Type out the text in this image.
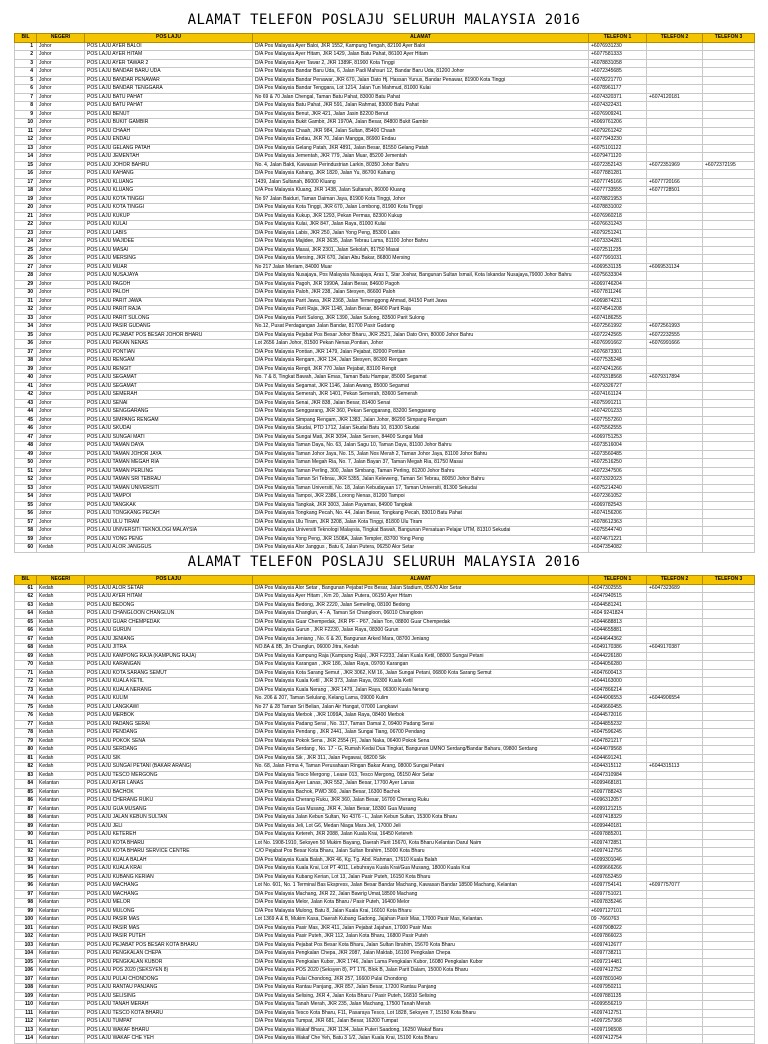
ALAMAT TELEFON POSLAJU SELURUH MALAYSIA 2016
BIL	NEGERI	POS LAJU	ALAMAT	TELEFON 1	TELEFON 2	TELEFON 3
1	Johor	POS LAJU AYER BALOI	D/A Pos Malaysia Ayer Baloi, JKR 1552, Kampung Tengah, 82100 Ayer Baloi	+6076931230		
2	Johor	POS LAJU AYER HITAM	D/A Pos Malaysia Ayer Hitam, JKR 1429, Jalan Batu Pahat, 86100 Ayer Hitam	+6077581333		
3	Johor	POS LAJU AYER TAWAR 2	D/A Pos Malaysia Ayer Tawar 2, JKR 1389F, 81900 Kota Tinggi	+6078831058		
4	Johor	POS LAJU BANDAR BARU UDA	D/A Pos Malaysia Bandar Baru Uda, 6, Jalan Padi Mahsuri 12, Bandar Baru Uda, 81200 Johor	+6072345685		
5	Johor	POS LAJU BANDAR PENAWAR	D/A Pos Malaysia Bandar Penawar, JKR 670, Jalan Dato Hj. Hassan Yunus, Bandar Penawar, 81900 Kota Tinggi	+6078221770		
6	Johor	POS LAJU BANDAR TENGGARA	D/A Pos Malaysia Bandar Tenggara, Lot 1214, Jalan Tun Mahmud, 81000 Kulai	+6078961177		
7	Johor	POS LAJU BATU PAHAT	No 69 & 70 Jalan Chengal, Taman Batu Pahat, 83000 Batu Pahat	+6074320371	+6074120181	
8	Johor	POS LAJU BATU PAHAT	D/A Pos Malaysia Batu Pahat, JKR 591, Jalan Rahmat, 83000 Batu Pahat	+6074322431		
9	Johor	POS LAJU BENUT	D/A Pos Malaysia Benut, JKR 421, Jalan Jasin 82200 Benut	+6076909241		
10	Johor	POS LAJU BUKIT GAMBIR	D/A Pos Malaysia Bukit Gambir, JKR 1970A, Jalan Besar, 84800 Bukit Gambir	+6069761206		
11	Johor	POS LAJU CHAAH	D/A Pos Malaysia Chaah, JKR 984, Jalan Sultan, 85400 Chaah	+6079261242		
12	Johor	POS LAJU ENDAU	D/A Pos Malaysia Endau, JKR 70, Jalan Mangga, 86900 Endau	+6077943230		
13	Johor	POS LAJU GELANG PATAH	D/A Pos Malaysia Gelang Patah, JKR 4891, Jalan Besar, 81550 Gelang Patah	+6075101122		
14	Johor	POS LAJU JEMENTAH	D/A Pos Malaysia Jementah, JKR 779, Jalan Muar, 85200 Jementah	+6079471120		
15	Johor	POS LAJU JOHOR BAHRU	No. 4, Jalan Bakti, Kawasan Perindustrian Larkin, 80350 Johor Bahru	+6072352143	+6072351969	+6072372195
16	Johor	POS LAJU KAHANG	D/A Pos Malaysia Kahang, JKR 1820, Jalan Yu, 86700 Kahang	+6077881281		
17	Johor	POS LAJU KLUANG	1439, Jalan Sultanah, 86000 Kluang	+6077745166	+6077720166	
18	Johor	POS LAJU KLUANG	D/A Pos Malaysia Kluang, JKR 1438, Jalan Sultanah, 86000 Kluang	+6077733555	+6077728501	
19	Johor	POS LAJU KOTA TINGGI	No 97 Jalan Baiduri, Taman Daiman Jaya, 81900 Kota Tinggi, Johor	+6078821953		
20	Johor	POS LAJU KOTA TINGGI	D/A Pos Malaysia Kota Tinggi, JKR 670, Jalan Lombong, 81900 Kota Tinggi	+6078831002		
21	Johor	POS LAJU KUKUP	D/A Pos Malaysia Kukup, JKR 1293, Pekan Permas, 82300 Kukup	+6076960218		
22	Johor	POS LAJU KULAI	D/A Pos Malaysia Kulai, JKR 847, Jalan Raya, 81000 Kulai	+6076631243		
23	Johor	POS LAJU LABIS	D/A Pos Malaysia Labis, JKR 250, Jalan Yong Peng, 85300 Labis	+6079251241		
24	Johor	POS LAJU MAJIDEE	D/A Pos Malaysia Majidee, JKR 3635, Jalan Tebrau Lama, 81100 Johor Bahru	+6073334281		
25	Johor	POS LAJU MASAI	D/A Pos Malaysia Masai, JKR 2301, Jalan Sekolah, 81750 Masai	+6072511235		
26	Johor	POS LAJU MERSING	D/A Pos Malaysia Mersing, JKR 670, Jalan Abu Bakar, 86800 Mersing	+6077991031		
27	Johor	POS LAJU MUAR	No 217 Jalan Meriam, 84000 Muar	+6069531135	+6069531134	
28	Johor	POS LAJU NUSAJAYA	D/A Pos Malaysia Nusajaya, Pos Malaysia Nusajaya, Aras 1, Star Joshar, Bangunan Sultan Ismail, Kota Iskandar Nusajaya,79000 Johor Bahru	+6075633304		
29	Johor	POS LAJU PAGOH	D/A Pos Malaysia Pagoh, JKR 1990A, Jalan Besar, 84600 Pagoh	+6069746204		
30	Johor	POS LAJU PALOH	D/A Pos Malaysia Paloh, JKR 238, Jalan Stesyen, 86600 Paloh	+6077811246		
31	Johor	POS LAJU PARIT JAWA	D/A Pos Malaysia Parit Jawa, JKR 2368, Jalan Temenggong Ahmad, 84150 Parit Jawa	+6069874231		
32	Johor	POS LAJU PARIT RAJA	D/A Pos Malaysia Parit Raja, JKR 1148, Jalan Besar, 86400 Parit Raja	+6074541208		
33	Johor	POS LAJU PARIT SULONG	D/A Pos Malaysia Parit Sulong, JKR 1390, Jalan Sulong, 83500 Parit Sulong	+6074186255		
34	Johor	POS LAJU PASIR GUDANG	No.12, Pusat Perdagangan Jalan Bandar, 81700 Pasir Gudang	+6072561992	+6072561993	
35	Johor	POS LAJU PEJABAT POS BESAR JOHOR BHARU	D/A Pos Malaysia Pejabat Pos Besar Johor Bharu, JKR 2521, Jalan Dato Onn, 80000 Johor Bahru	+6072242565	+6072232555	
36	Johor	POS LAJU PEKAN NENAS	Lot 2656 Jalan Johor, 81500 Pekan Nenas,Pontian, Johor	+6076991662	+6076991666	
37	Johor	POS LAJU PONTIAN	D/A Pos Malaysia Pontian, JKR 1479, Jalan Pejabat, 82000 Pontian	+6076873301		
38	Johor	POS LAJU RENGAM	D/A Pos Malaysia Rengam, JKR 134, Jalan Stesyen, 86300 Rengam	+6077535248		
39	Johor	POS LAJU RENGIT	D/A Pos Malaysia Rengit, JKR 770 Jalan Pejabat, 83100 Rengit	+6074241266		
40	Johor	POS LAJU SEGAMAT	No. 7 & 8, Tingkat Bawah, Jalan Emas, Taman Batu Hampar, 85000 Segamat	+6079318568	+6079317894	
41	Johor	POS LAJU SEGAMAT	D/A Pos Malaysia Segamat, JKR 1146, Jalan Awang, 85000 Segamat	+6079326727		
42	Johor	POS LAJU SEMERAH	D/A Pos Malaysia Semerah, JKR 1401, Pekan Semerah, 83600 Semerah	+6074161124		
43	Johor	POS LAJU SENAI	D/A Pos Malaysia Senai, JKR 838, Jalan Besar, 81400 Senai	+6075991211		
44	Johor	POS LAJU SENGGARANG	D/A Pos Malaysia Senggarang, JKR 360, Pekan Senggarang, 83200 Senggarang	+6074201233		
45	Johor	POS LAJU SIMPANG RENGAM	D/A Pos Malaysia Simpang Rengam, JKR 1383, Jalan Johor, 86200 Simpang Rengam	+6077557260		
46	Johor	POS LAJU SKUDAI	D/A Pos Malaysia Skudai, PTD 1712, Jalan Skudai Batu 10, 81300 Skudai	+6075562555		
47	Johor	POS LAJU SUNGAI MATI	D/A Pos Malaysia Sungai Mati, JKR 3094, Jalan Sersen, 84400 Sungai Mati	+6069751253		
48	Johor	POS LAJU TAMAN DAYA	D/A Pos Malaysia Taman Daya, No. 63, Jalan Sagu 10, Taman Daya, 81100 Johor Bahru	+6073516004		
49	Johor	POS LAJU TAMAN JOHOR JAYA	D/A Pos Malaysia Taman Johor Jaya, No. 15, Jalan Nos Merah 2, Taman Johor Jaya, 81100 Johor Bahru	+6073560485		
50	Johor	POS LAJU TAMAN MEGAH RIA	D/A Pos Malaysia Taman Megah Ria, No. 7, Jalan Bayan 37, Taman Megah Ria, 81750 Masai	+6072516250		
51	Johor	POS LAJU TAMAN PERLING	D/A Pos Malaysia Taman Perling, 300, Jalan Simbang, Taman Perling, 81200 Johor Bahru	+6072347506		
52	Johor	POS LAJU TAMAN SRI TEBRAU	D/A Pos Malaysia Taman Sri Tebrau, JKR 5355, Jalan Keleweng, Taman Sri Tebrau, 80050 Johor Bahru	+6073322023		
53	Johor	POS LAJU TAMAN UNIVERSITI	D/A Pos Malaysia Taman Universiti, No. 18, Jalan Kebudayaan 17, Taman Universiti, 81300 Sekudai	+6075214240		
54	Johor	POS LAJU TAMPOI	D/A Pos Malaysia Tampoi, JKR 2386, Lorong Nenas, 81200 Tampoi	+6072361052		
55	Johor	POS LAJU TANGKAK	D/A Pos Malaysia Tangkak, JKR 3003, Jalan Payamas, 84900 Tangkak	+6069782543		
56	Johor	POS LAJU TONGKANG PECAH	D/A Pos Malaysia Tongkang Pecah, No. 44, Jalan Besar, Tongkang Pecah, 83010 Batu Pahat	+6074156206		
57	Johor	POS LAJU ULU TIRAM	D/A Pos Malaysia Ulu Tiram, JKR 3208, Jalan Kota Tinggi, 81800 Ulu Tiram	+6078612363		
58	Johor	POS LAJU UNIVERSITI TEKNOLOGI MALAYSIA	D/A Pos Malaysia Universiti Teknologi Malaysia, Tingkat Bawah, Bangunan Persatuan Pelajar UTM, 81310 Sekudai	+6075544740		
59	Johor	POS LAJU YONG PENG	D/A Pos Malaysia Yong Peng, JKR 1508A, Jalan Templer, 83700 Yong Peng	+6074671221		
60	Kedah	POS LAJU ALOR JANGGUS	D/A Pos Malaysia Alor Janggus , Batu 6, Jalan Putera, 06250 Alor Setar	+6047354082		
ALAMAT TELEFON POSLAJU SELURUH MALAYSIA 2016
BIL	NEGERI	POS LAJU	ALAMAT	TELEFON 1	TELEFON 2	TELEFON 3
61	Kedah	POS LAJU ALOR SETAR	D/A Pos Malaysia Alor Setar , Bangunan Pejabat Pos Besar, Jalan Stadium, 05670 Alor Setar	+6047302555	+6047323689	
62	Kedah	POS LAJU AYER HITAM	D/A Pos Malaysia Ayer Hitam , Km 20, Jalan Putera, 06150 Ayer Hitam	+6047940515		
63	Kedah	POS LAJU BEDONG	D/A Pos Malaysia Bedong, JKR 2220, Jalan Semeling, 08100 Bedong	+6044581241		
64	Kedah	POS LAJU CHANGLOON CHANGLUN	D/A Pos Malaysia Changlun, 4 - A, Taman Sri Changloon, 06010 Changloon	+604 9241824		
65	Kedah	POS LAJU GUAR CHEMPEDAK	D/A Pos Malaysia Guar Chempedak, JKR PF - P67, Jalan Ton, 08800 Guar Chempedak	+6044688813		
66	Kedah	POS LAJU GURUN	D/A Pos Malaysia Gurun , JKR F2230, Jalan Raya, 08300 Gurun	+6044655881		
67	Kedah	POS LAJU JENIANG	D/A Pos Malaysia Jeniang , No. 6 & 20, Bangunan Arked Mara, 08700 Jeniang	+6044644362		
68	Kedah	POS LAJU JITRA	NO.8A & 8B, Jln Changlun, 06000 Jitra, Kedah	+6049170386	+6049170387	
69	Kedah	POS LAJU KAMPONG RAJA (KAMPUNG RAJA)	D/A Pos Malaysia Kampung Raja (Kampung Raja), JKR F2233, Jalan Kuala Ketil, 08000 Sungai Petani	+6044226180		
70	Kedah	POS LAJU KARANGAN	D/A Pos Malaysia Karangan , JKR 186, Jalan Raya, 09700 Karangan	+6044056280		
71	Kedah	POS LAJU KOTA SARANG SEMUT	D/A Pos Malaysia Kota Sarang Semut , JKR 3062, KM 16, Jalan Sungai Petani, 06800 Kota Sarang Semut	+6047600413		
72	Kedah	POS LAJU KUALA KETIL	D/A Pos Malaysia Kuala Ketil , JKR 373, Jalan Raya, 09300 Kuala Ketil	+6044163000		
73	Kedah	POS LAJU KUALA NERANG	D/A Pos Malaysia Kuala Nerang , JKR 1479, Jalan Raya, 06300 Kuala Nerang	+6047866214		
74	Kedah	POS LAJU KULIM	No. 206 & 207, Taman Selulang, Kelang Lama, 09000 Kulim	+6044906553	+6044906554	
75	Kedah	POS LAJU LANGKAWI	No 27 & 28 Taman Sri Belian, Jalan Air Hangat, 07000 Langkawi	+6049660455		
76	Kedah	POS LAJU MERBOK	D/A Pos Malaysia Merbok , JKR 1099A, Jalan Raya, 08400 Merbok	+6044572016		
77	Kedah	POS LAJU PADANG SERAI	D/A Pos Malaysia Padang Serai , No. 317, Taman Damai 2, 09400 Padang Serai	+6044855232		
78	Kedah	POS LAJU PENDANG	D/A Pos Malaysia Pendang , JKR 2441, Jalan Sungai Tiang, 06700 Pendang	+6047596245		
79	Kedah	POS LAJU POKOK SENA	D/A Pos Malaysia Pokok Sena , JKR 2554 (F), Jalan Naka, 06400 Pokok Sena	+6047821217		
80	Kedah	POS LAJU SERDANG	D/A Pos Malaysia Serdang , No. 17 - G, Rumah Kedai Dua Tingkat, Bangunan UMNO Serdang/Bandar Baharu, 09800 Serdang	+6044079568		
81	Kedah	POS LAJU SIK	D/A Pos Malaysia Sik , JKR 311, Jalan Pegawai, 08200 Sik	+6044691241		
82	Kedah	POS LAJU SUNGAI PETANI (BAKAR ARANG)	No. 68, Jalan Firma 4, Taman Perusahaan Ringan Bakar Arang, 08000 Sungai Petani	+6044315112	+6044315113	
83	Kedah	POS LAJU TESCO MERGONG	D/A Pos Malaysia Tesco Mergong , Lease 013, Tesco Mergong, 05150 Alor Setar	+6047310984		
84	Kelantan	POS LAJU AYER LANAS	D/A Pos Malaysia Ayer Lanas, JKR 552, Jalan Besar, 17700 Ayer Lanas	+6099468181		
85	Kelantan	POS LAJU BACHOK	D/A Pos Malaysia Bachok, PWD 360, Jalan Besar, 16300 Bachok	+6097788243		
86	Kelantan	POS LAJU CHERANG RUKU	D/A Pos Malaysia Cherang Ruku, JKR 360, Jalan Besar, 16700 Cherang Ruku	+6096312057		
87	Kelantan	POS LAJU GUA MUSANG	D/A Pos Malaysia Gua Musang, JKR 4, Jalan Besar, 18300 Gua Musang	+6099121215		
88	Kelantan	POS LAJU JALAN KEBUN SULTAN	D/A Pos Malaysia Jalan Kebun Sultan, No 4376 - L, Jalan Kebun Sultan, 15300 Kota Bharu	+6097418329		
89	Kelantan	POS LAJU JELI	D/A Pos Malaysia Jeli, Lot G6, Medan Niaga Mara Jeli, 17000 Jeli	+6099440181		
90	Kelantan	POS LAJU KETEREH	D/A Pos Malaysia Ketereh, JKR 2088, Jalan Kuala Krai, 16450 Ketereh	+6097885201		
91	Kelantan	POS LAJU KOTA BHARU	Lot No. 1908-1910, Seksyen 50 Mukim Bayang, Daerah Parit 15670, Kota Bharu Kelantan Darul Naim	+6097472851		
92	Kelantan	POS LAJU KOTA BHARU SERVICE CENTRE	C/O Pejabat Pos Besar Kota Bharu, Jalan Sultan Ibrahim, 15000 Kota Bharu	+6097412756		
93	Kelantan	POS LAJU KUALA BALAH	D/A Pos Malaysia Kuala Balah, JKR 46, Kg. Tg. Abd. Rahman, 17610 Kuala Balah	+6099301046		
94	Kelantan	POS LAJU KUALA KRAI	D/A Pos Malaysia Kuala Krai, Lot PT 4011, Lebuhraya Kuala Krai/Gua Musang, 18000 Kuala Krai	+6099666266		
95	Kelantan	POS LAJU KUBANG KERIAN	D/A Pos Malaysia Kubang Kerian, Lot 13, Jalan Pasir Puteh, 16150 Kota Bharu	+6097652459		
96	Kelantan	POS LAJU MACHANG	Lot No. 601, No. 1 Terminal Bas Ekspress, Jalan Besar Bandar Machang, Kawasan Bandar 18500 Machang, Kelantan	+6097754141	+6097757077	
97	Kelantan	POS LAJU MACHANG	D/A Pos Malaysia Machang, JKR 22, Jalan Bawrig Umat,18500 Machang	+6097751021		
98	Kelantan	POS LAJU MELOR	D/A Pos Malaysia Melor, Jalan Kota Bharu / Pasir Puteh, 16400 Melor	+6097835246		
99	Kelantan	POS LAJU MULONG	D/A Pos Malaysia Mulong, Batu 8, Jalan Kuala Krai, 16010 Kota Bharu	+6097127101		
100	Kelantan	POS LAJU PASIR MAS	Lot 1369 A & B, Mukim Kasa, Daerah Kubang Gadong, Jajahan Pasir Mas, 17000 Pasir Mas, Kelantan.	09 -7660763		
101	Kelantan	POS LAJU PASIR MAS	D/A Pos Malaysia Pasir Mas, JKR 411, Jalan Pejabat Jajahan, 17000 Pasir Mas	+6097908022		
102	Kelantan	POS LAJU PASIR PUTEH	D/A Pos Malaysia Pasir Puteh, JKR 112, Jalan Kota Bharu, 16800 Pasir Puteh	+6097866023		
103	Kelantan	POS LAJU PEJABAT POS BESAR KOTA BHARU	D/A Pos Malaysia Pejabat Pos Besar Kota Bharu, Jalan Sultan Ibrahim, 15670 Kota Bharu	+6097412677		
104	Kelantan	POS LAJU PENGKALAN CHEPA	D/A Pos Malaysia Pengkalan Chepa, JKR 2087, Jalan Maktab, 16100 Pengkalan Chepa	+6097738211		
105	Kelantan	POS LAJU PENGKALAN KUBOR	D/A Pos Malaysia Pengkalan Kubor, JKR 1746, Jalan Lama Pengkalan Kubor, 16080 Pengkalan Kubor	+6097214481		
106	Kelantan	POS LAJU POS 2020 (SEKSYEN 8)	D/A Pos Malaysia POS 2020 (Seksyen 8), PT 176, Blok B, Jalan Parit Dalam, 15000 Kota Bharu	+6097412752		
107	Kelantan	POS LAJU PULAI CHONDONG	D/A Pos Malaysia Pulai Chondong, JKR 257, 16600 Pulai Chondong	+6097801049		
108	Kelantan	POS LAJU RANTAU PANJANG	D/A Pos Malaysia Rantau Panjang, JKR 857, Jalan Besar, 17200 Rantau Panjang	+6097950211		
109	Kelantan	POS LAJU SELISING	D/A Pos Malaysia Selising, JKR 4, Jalan Kota Bharu / Pasir Puteh, 16810 Selising	+6097881135		
110	Kelantan	POS LAJU TANAH MERAH	D/A Pos Malaysia Tanah Merah, JKR 235, Jalan Machang, 17500 Tanah Merah	+6099556219		
111	Kelantan	POS LAJU TESCO KOTA BHARU	D/A Pos Malaysia Tesco Kota Bharu, F11, Pasaraya Tesco, Lot 1828, Seksyen 7, 15150 Kota Bharu	+6097412751		
112	Kelantan	POS LAJU TUMPAT	D/A Pos Malaysia Tumpat, JKR 681, Jalan Besar, 16200 Tumpat	+6097257368		
113	Kelantan	POS LAJU WAKAF BHARU	D/A Pos Malaysia Wakaf Bharu, JKR 1134, Jalan Puteri Saadong, 16250 Wakaf Baru	+6097196508		
114	Kelantan	POS LAJU WAKAF CHE YEH	D/A Pos Malaysia Wakaf Che Yeh, Batu 3 1/2, Jalan Kuala Krai, 15100 Kota Bharu	+6097412754		
